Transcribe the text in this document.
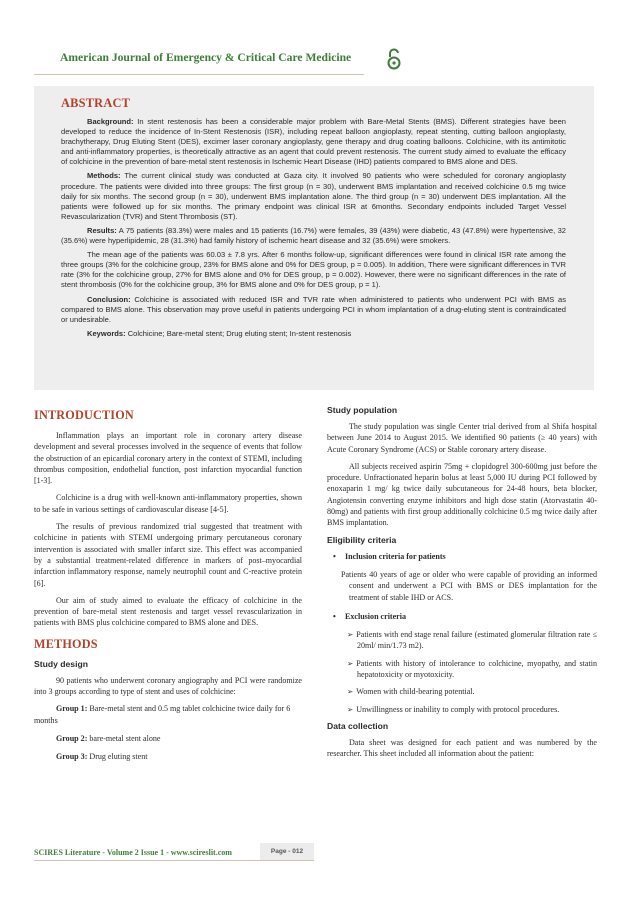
American Journal of Emergency & Critical Care Medicine
ABSTRACT

Background: In stent restenosis has been a considerable major problem with Bare-Metal Stents (BMS). Different strategies have been developed to reduce the incidence of In-Stent Restenosis (ISR), including repeat balloon angioplasty, repeat stenting, cutting balloon angioplasty, brachytherapy, Drug Eluting Stent (DES), excimer laser coronary angioplasty, gene therapy and drug coating balloons. Colchicine, with its antimitotic and anti-inflammatory properties, is theoretically attractive as an agent that could prevent restenosis. The current study aimed to evaluate the efficacy of colchicine in the prevention of bare-metal stent restenosis in Ischemic Heart Disease (IHD) patients compared to BMS alone and DES.

Methods: The current clinical study was conducted at Gaza city. It involved 90 patients who were scheduled for coronary angioplasty procedure. The patients were divided into three groups: The first group (n = 30), underwent BMS implantation and received colchicine 0.5 mg twice daily for six months. The second group (n = 30), underwent BMS implantation alone. The third group (n = 30) underwent DES implantation. All the patients were followed up for six months. The primary endpoint was clinical ISR at 6months. Secondary endpoints included Target Vessel Revascularization (TVR) and Stent Thrombosis (ST).

Results: A 75 patients (83.3%) were males and 15 patients (16.7%) were females, 39 (43%) were diabetic, 43 (47.8%) were hypertensive, 32 (35.6%) were hyperlipidemic, 28 (31.3%) had family history of ischemic heart disease and 32 (35.6%) were smokers.

The mean age of the patients was 60.03 ± 7.8 yrs. After 6 months follow-up, significant differences were found in clinical ISR rate among the three groups (3% for the colchicine group, 23% for BMS alone and 0% for DES group, p = 0.005). In addition, There were significant differences in TVR rate (3% for the colchicine group, 27% for BMS alone and 0% for DES group, p = 0.002). However, there were no significant differences in the rate of stent thrombosis (0% for the colchicine group, 3% for BMS alone and 0% for DES group, p = 1).

Conclusion: Colchicine is associated with reduced ISR and TVR rate when administered to patients who underwent PCI with BMS as compared to BMS alone. This observation may prove useful in patients undergoing PCI in whom implantation of a drug-eluting stent is contraindicated or undesirable.

Keywords: Colchicine; Bare-metal stent; Drug eluting stent; In-stent restenosis

INTRODUCTION

Inflammation plays an important role in coronary artery disease development and several processes involved in the sequence of events that follow the obstruction of an epicardial coronary artery in the context of STEMI, including thrombus composition, endothelial function, post infarction myocardial function [1-3].

Colchicine is a drug with well-known anti-inflammatory properties, shown to be safe in various settings of cardiovascular disease [4-5].

The results of previous randomized trial suggested that treatment with colchicine in patients with STEMI undergoing primary percutaneous coronary intervention is associated with smaller infarct size. This effect was accompanied by a substantial treatment-related difference in markers of post–myocardial infarction inflammatory response, namely neutrophil count and C-reactive protein [6].

Our aim of study aimed to evaluate the efficacy of colchicine in the prevention of bare-metal stent restenosis and target vessel revascularization in patients with BMS plus colchicine compared to BMS alone and DES.

METHODS
Study design

90 patients who underwent coronary angiography and PCI were randomize into 3 groups according to type of stent and uses of colchicine:

Group 1: Bare-metal stent and 0.5 mg tablet colchicine twice daily for 6 months

Group 2: bare-metal stent alone

Group 3: Drug eluting stent

Study population

The study population was single Center trial derived from al Shifa hospital between June 2014 to August 2015. We identified 90 patients (≥ 40 years) with Acute Coronary Syndrome (ACS) or Stable coronary artery disease.

All subjects received aspirin 75mg + clopidogrel 300-600mg just before the procedure. Unfractionated heparin bolus at least 5,000 IU during PCI followed by enoxaparin 1 mg/ kg twice daily subcutaneous for 24-48 hours, beta blocker, Angiotensin converting enzyme inhibitors and high dose statin (Atorvastatin 40-80mg) and patients with first group additionally colchicine 0.5 mg twice daily after BMS implantation.

Eligibility criteria
• Inclusion criteria for patients

Patients 40 years of age or older who were capable of providing an informed consent and underwent a PCI with BMS or DES implantation for the treatment of stable IHD or ACS.

• Exclusion criteria

➢ Patients with end stage renal failure (estimated glomerular filtration rate ≤ 20ml/ min/1.73 m2).

➢ Patients with history of intolerance to colchicine, myopathy, and statin hepatotoxicity or myotoxicity.

➢ Women with child-bearing potential.

➢ Unwillingness or inability to comply with protocol procedures.

Data collection

Data sheet was designed for each patient and was numbered by the researcher. This sheet included all information about the patient:

SCIRES Literature - Volume 2 Issue 1 - www.scireslit.com	Page - 012
